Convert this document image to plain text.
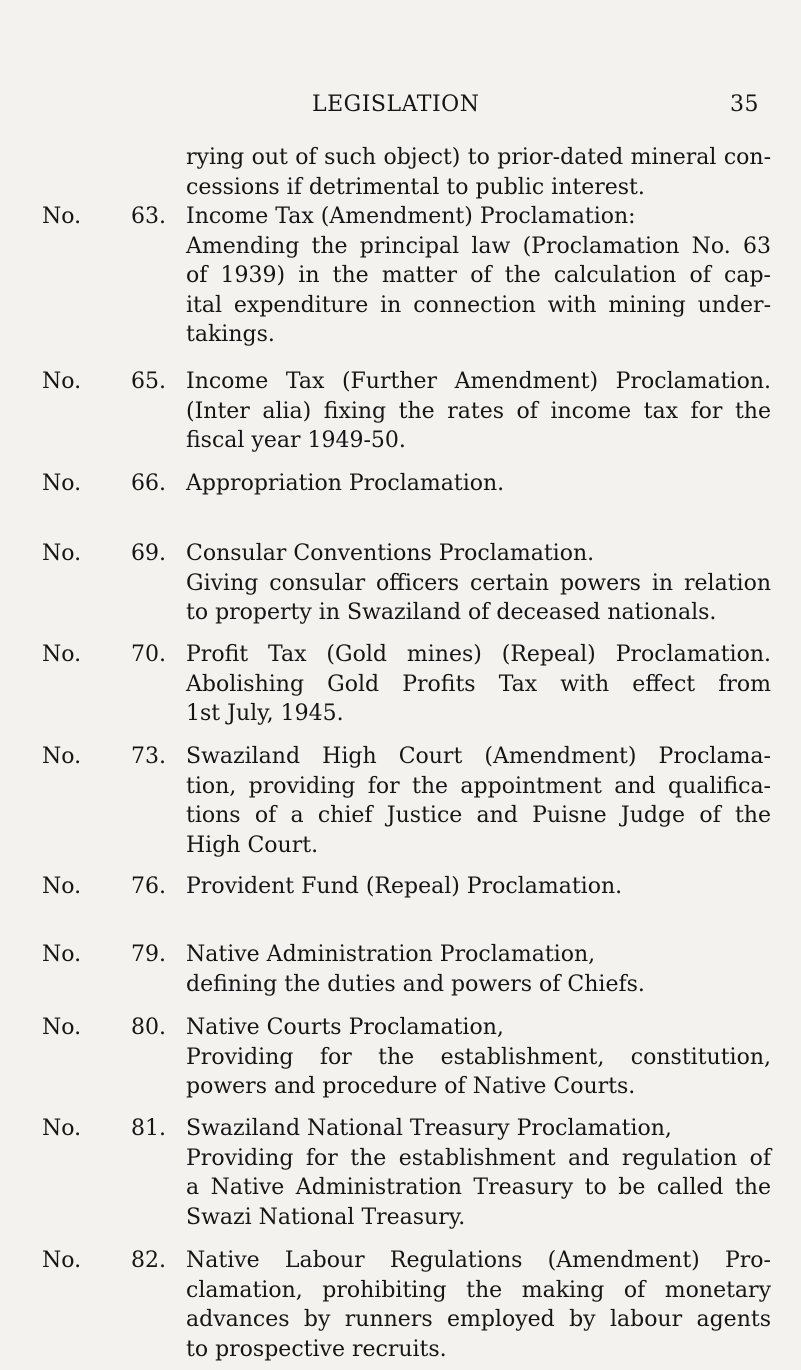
LEGISLATION	35
rying out of such object) to prior-dated mineral con-
cessions if detrimental to public interest.
No.	63. Income Tax (Amendment) Proclamation:
Amending the principal law (Proclamation No. 63
of 1939) in the matter of the calculation of cap-
ital expenditure in connection with mining under-
takings.
No.	65. Income Tax (Further Amendment) Proclamation.
(Inter alia) fixing the rates of income tax for the
fiscal year 1949-50.
No.	66. Appropriation Proclamation.
No.	69. Consular Conventions Proclamation.
Giving consular officers certain powers in relation
to property in Swaziland of deceased nationals.
No.	70. Profit Tax (Gold mines) (Repeal) Proclamation.
Abolishing Gold Profits Tax with effect from
1st July, 1945.
No.	73. Swaziland High Court (Amendment) Proclama-
tion, providing for the appointment and qualifica-
tions of a chief Justice and Puisne Judge of the
High Court.
No.	76. Provident Fund (Repeal) Proclamation.
No.	79. Native Administration Proclamation,
defining the duties and powers of Chiefs.
No.	80. Native Courts Proclamation,
Providing for the establishment, constitution,
powers and procedure of Native Courts.
No.	81. Swaziland National Treasury Proclamation,
Providing for the establishment and regulation of
a Native Administration Treasury to be called the
Swazi National Treasury.
No.	82. Native Labour Regulations (Amendment) Pro-
clamation, prohibiting the making of monetary
advances by runners employed by labour agents
to prospective recruits.
